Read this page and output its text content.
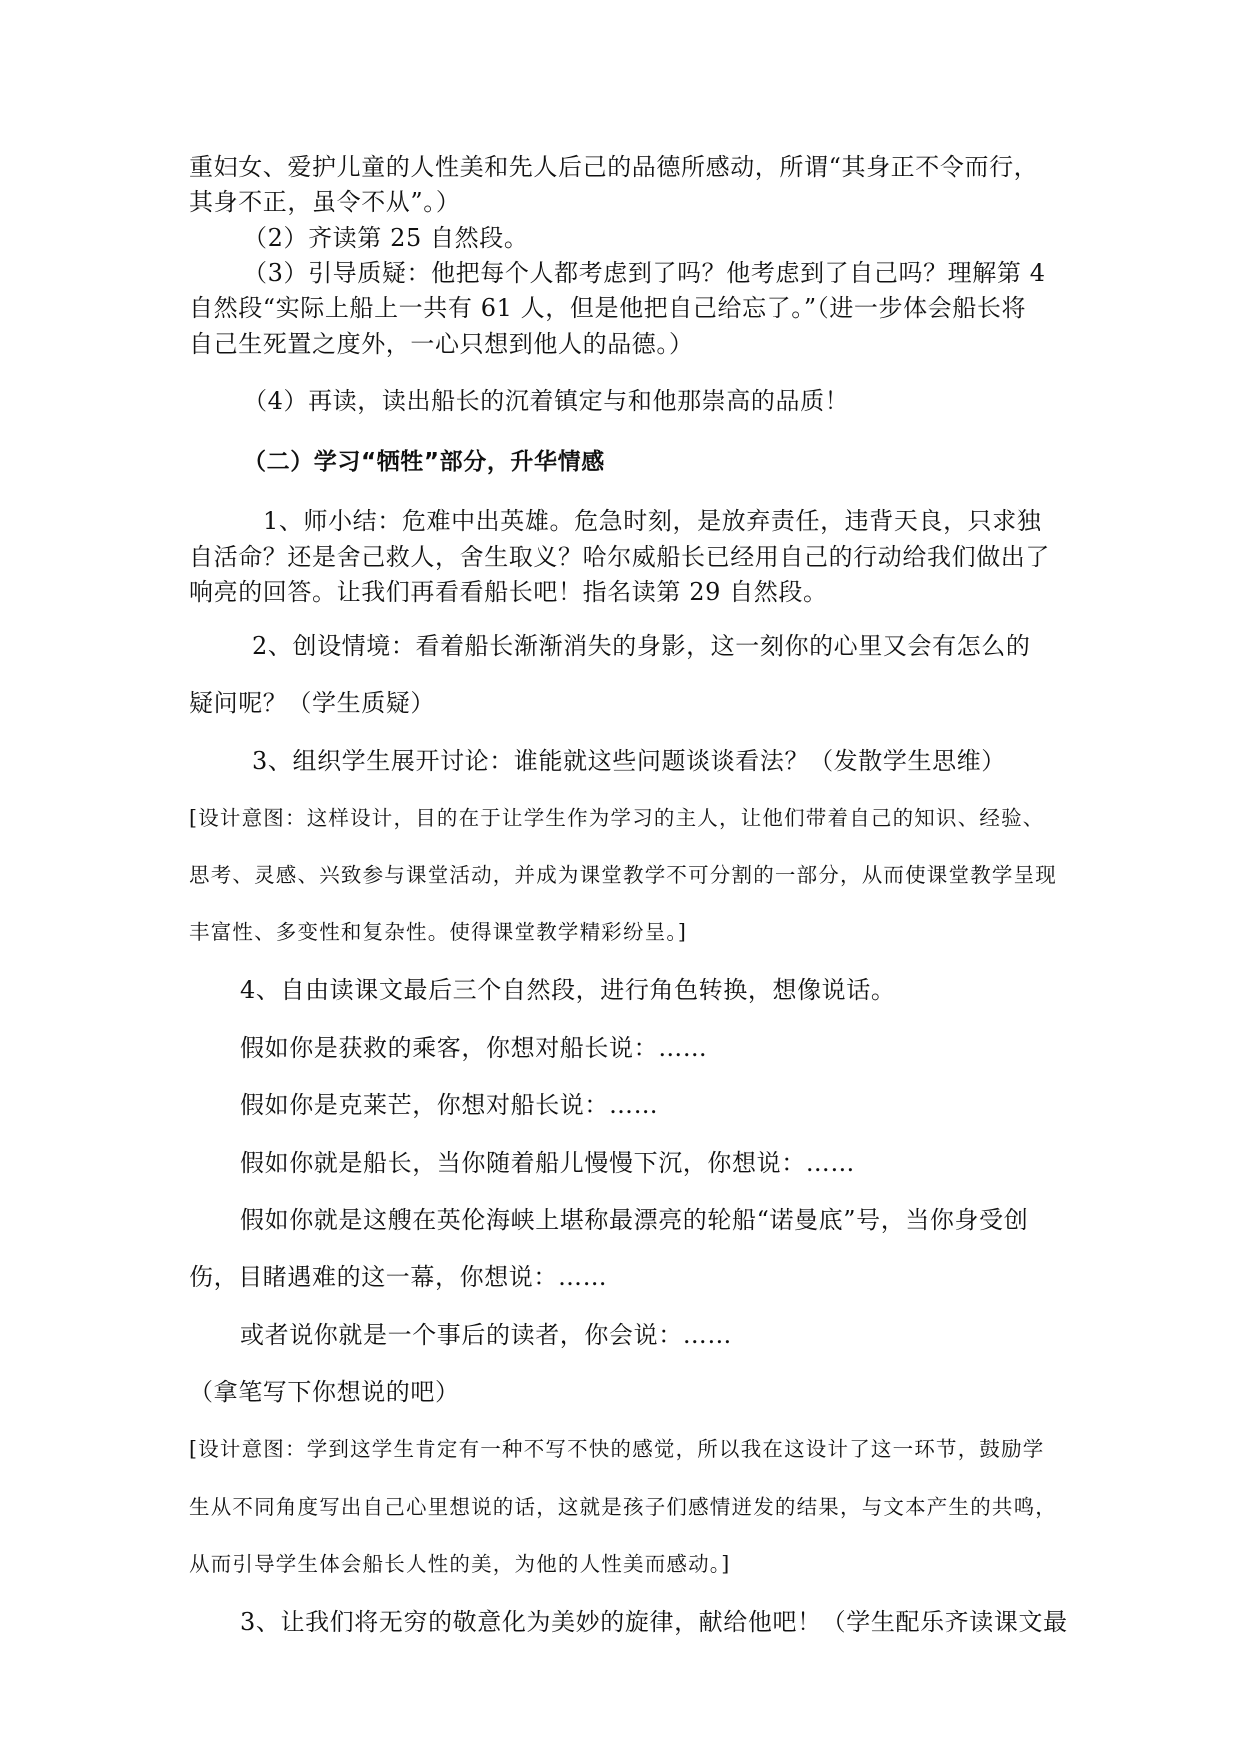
重妇女、爱护儿童的人性美和先人后己的品德所感动，所谓“其身正不令而行，
其身不正，虽令不从”。）
（2）齐读第 25 自然段。
（3）引导质疑：他把每个人都考虑到了吗？他考虑到了自己吗？理解第 4
自然段“实际上船上一共有 61 人，但是他把自己给忘了。”（进一步体会船长将
自己生死置之度外，一心只想到他人的品德。）
（4）再读，读出船长的沉着镇定与和他那崇高的品质！
（二）学习“牺牲”部分，升华情感
1、师小结：危难中出英雄。危急时刻，是放弃责任，违背天良，只求独
自活命？还是舍己救人，舍生取义？哈尔威船长已经用自己的行动给我们做出了
响亮的回答。让我们再看看船长吧！指名读第 29 自然段。
2、创设情境：看着船长渐渐消失的身影，这一刻你的心里又会有怎么的
疑问呢？（学生质疑）
3、组织学生展开讨论：谁能就这些问题谈谈看法？（发散学生思维）
[设计意图：这样设计，目的在于让学生作为学习的主人，让他们带着自己的知识、经验、
思考、灵感、兴致参与课堂活动，并成为课堂教学不可分割的一部分，从而使课堂教学呈现
丰富性、多变性和复杂性。使得课堂教学精彩纷呈。]
4、自由读课文最后三个自然段，进行角色转换，想像说话。
假如你是获救的乘客，你想对船长说：……
假如你是克莱芒，你想对船长说：……
假如你就是船长，当你随着船儿慢慢下沉，你想说：……
假如你就是这艘在英伦海峡上堪称最漂亮的轮船“诺曼底”号，当你身受创
伤，目睹遇难的这一幕，你想说：……
或者说你就是一个事后的读者，你会说：……
（拿笔写下你想说的吧）
[设计意图：学到这学生肯定有一种不写不快的感觉，所以我在这设计了这一环节，鼓励学
生从不同角度写出自己心里想说的话，这就是孩子们感情迸发的结果，与文本产生的共鸣，
从而引导学生体会船长人性的美，为他的人性美而感动。]
3、让我们将无穷的敬意化为美妙的旋律，献给他吧！（学生配乐齐读课文最
